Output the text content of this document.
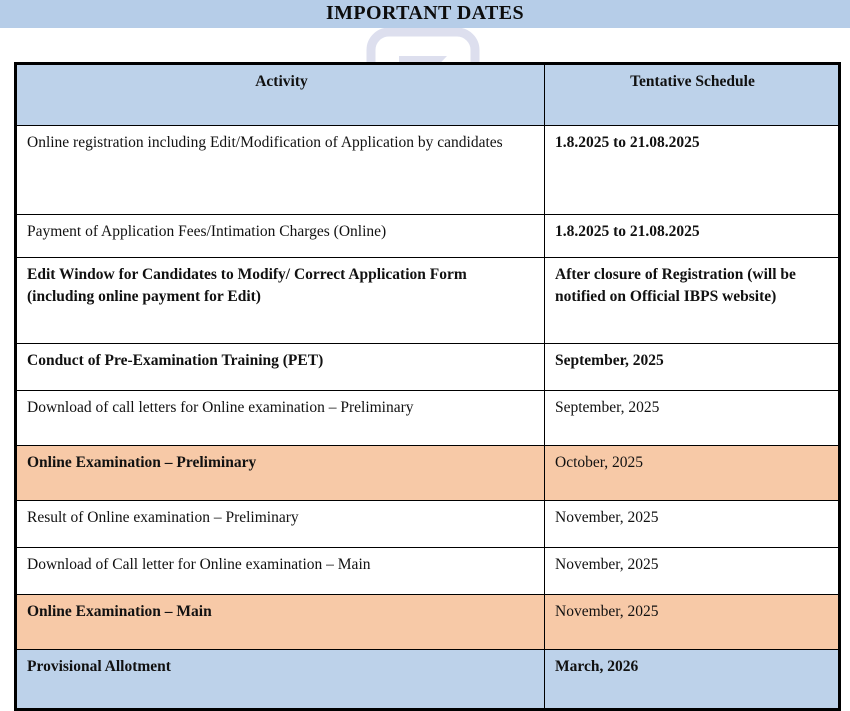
IMPORTANT DATES
Activity	Tentative Schedule
Online registration including Edit/Modification of Application by candidates	1.8.2025 to 21.08.2025
Payment of Application Fees/Intimation Charges (Online)	1.8.2025 to 21.08.2025
Edit Window for Candidates to Modify/ Correct Application Form (including online payment for Edit)	After closure of Registration (will be notified on Official IBPS website)
Conduct of Pre-Examination Training (PET)	September, 2025
Download of call letters for Online examination – Preliminary	September, 2025
Online Examination – Preliminary	October, 2025
Result of Online examination – Preliminary	November, 2025
Download of Call letter for Online examination – Main	November, 2025
Online Examination – Main	November, 2025
Provisional Allotment	March, 2026
